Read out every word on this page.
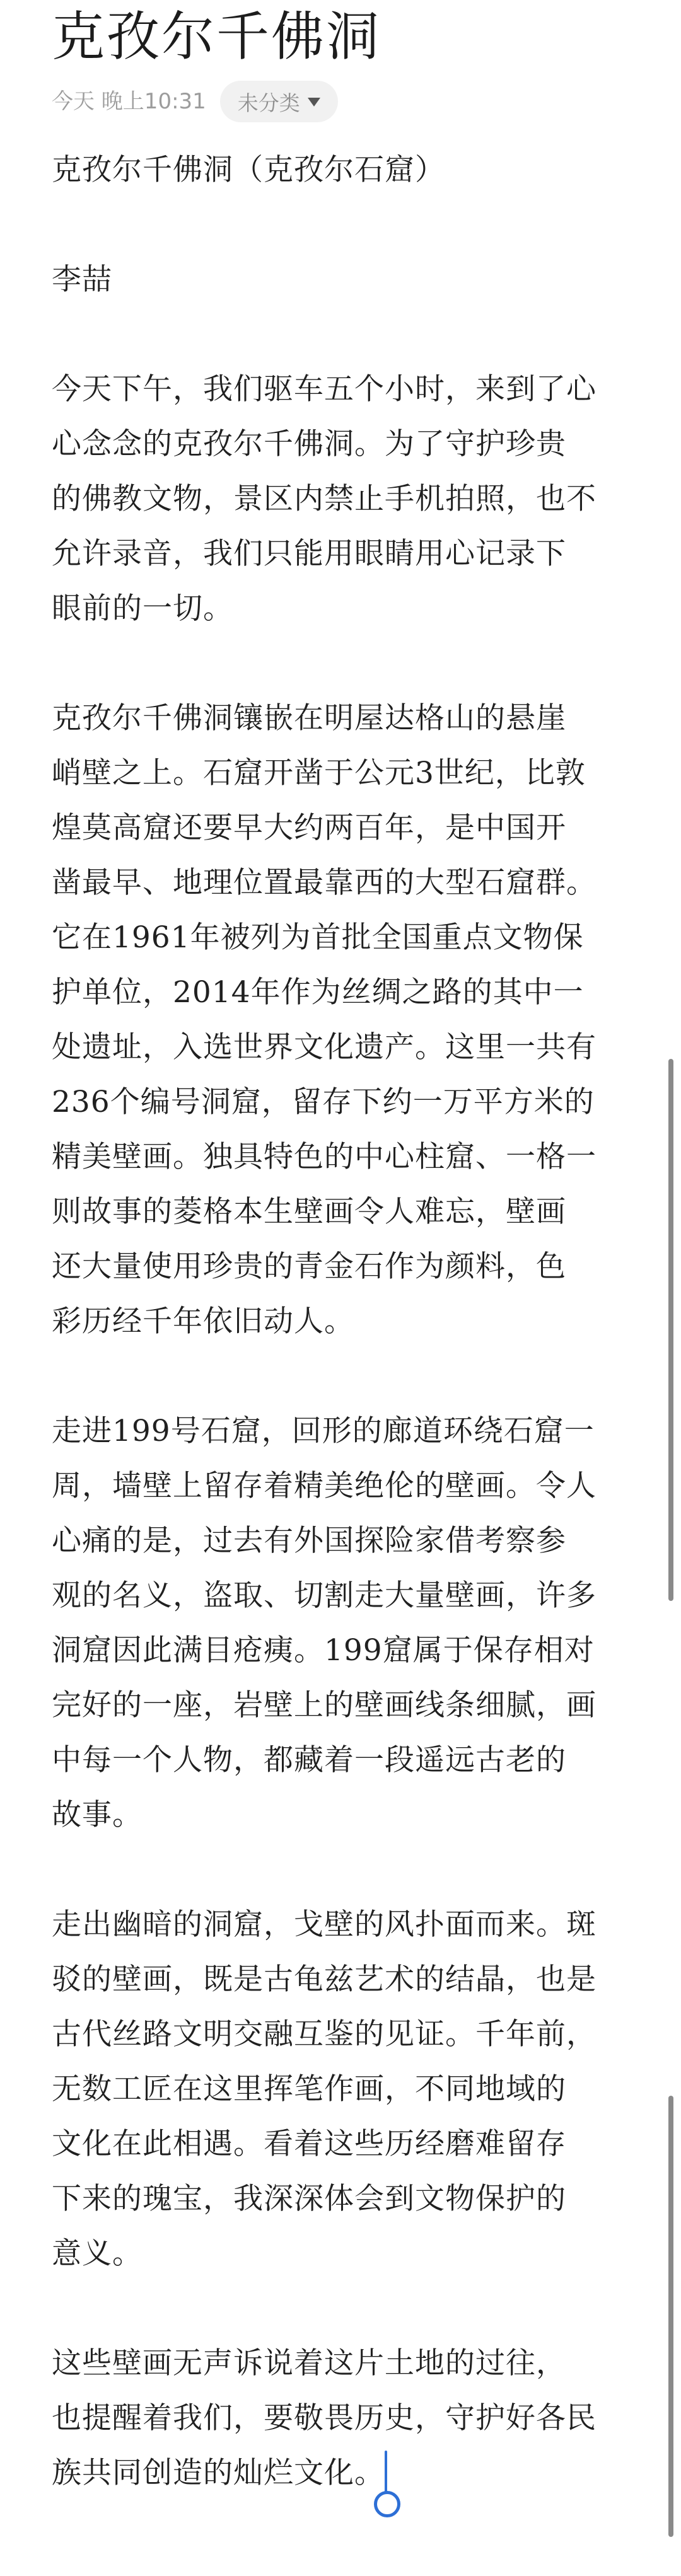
克孜尔千佛洞
今天 晚上10:31 未分类
克孜尔千佛洞（克孜尔石窟）
李喆
今天下午，我们驱车五个小时，来到了心
心念念的克孜尔千佛洞。为了守护珍贵
的佛教文物，景区内禁止手机拍照，也不
允许录音，我们只能用眼睛用心记录下
眼前的一切。
克孜尔千佛洞镶嵌在明屋达格山的悬崖
峭壁之上。石窟开凿于公元3世纪，比敦
煌莫高窟还要早大约两百年，是中国开
凿最早、地理位置最靠西的大型石窟群。
它在1961年被列为首批全国重点文物保
护单位，2014年作为丝绸之路的其中一
处遗址，入选世界文化遗产。这里一共有
236个编号洞窟，留存下约一万平方米的
精美壁画。独具特色的中心柱窟、一格一
则故事的菱格本生壁画令人难忘，壁画
还大量使用珍贵的青金石作为颜料，色
彩历经千年依旧动人。
走进199号石窟，回形的廊道环绕石窟一
周，墙壁上留存着精美绝伦的壁画。令人
心痛的是，过去有外国探险家借考察参
观的名义，盗取、切割走大量壁画，许多
洞窟因此满目疮痍。199窟属于保存相对
完好的一座，岩壁上的壁画线条细腻，画
中每一个人物，都藏着一段遥远古老的
故事。
走出幽暗的洞窟，戈壁的风扑面而来。斑
驳的壁画，既是古龟兹艺术的结晶，也是
古代丝路文明交融互鉴的见证。千年前，
无数工匠在这里挥笔作画，不同地域的
文化在此相遇。看着这些历经磨难留存
下来的瑰宝，我深深体会到文物保护的
意义。
这些壁画无声诉说着这片土地的过往，
也提醒着我们，要敬畏历史，守护好各民
族共同创造的灿烂文化。
